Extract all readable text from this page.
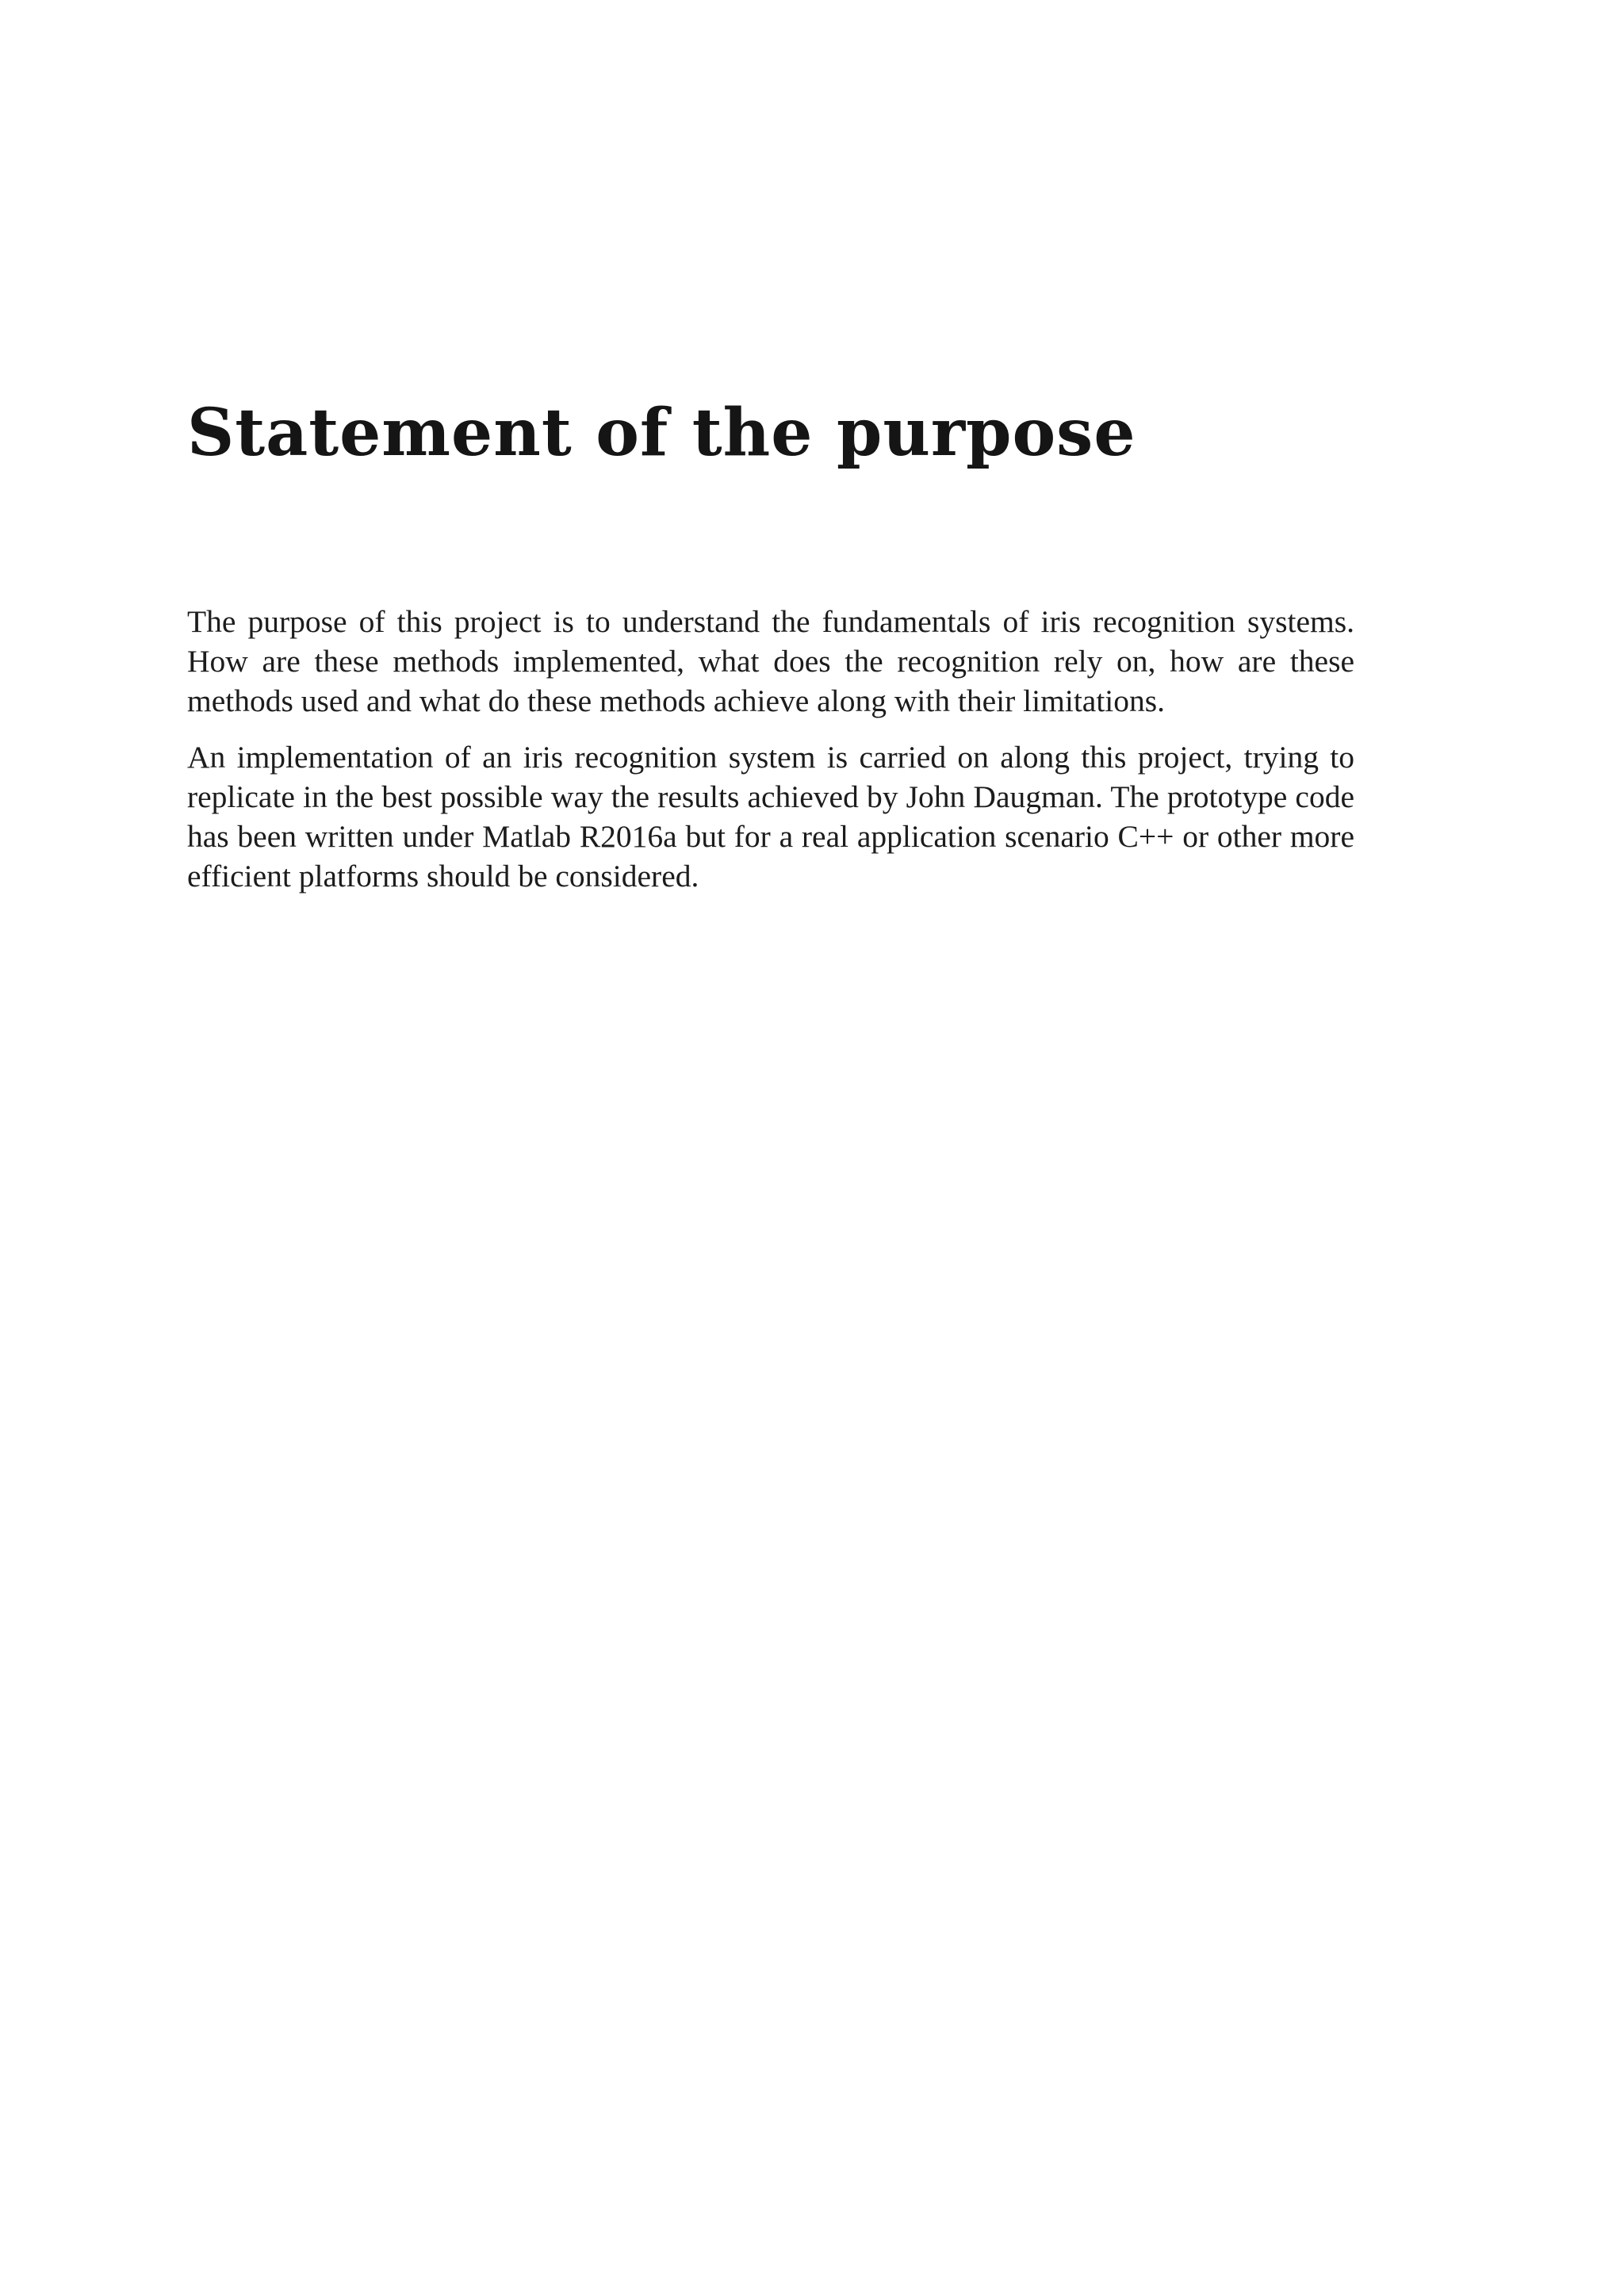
Statement of the purpose

The purpose of this project is to understand the fundamentals of iris recognition systems. How are these methods implemented, what does the recognition rely on, how are these methods used and what do these methods achieve along with their limitations.

An implementation of an iris recognition system is carried on along this project, trying to replicate in the best possible way the results achieved by John Daugman. The prototype code has been written under Matlab R2016a but for a real application scenario C++ or other more efficient platforms should be considered.
